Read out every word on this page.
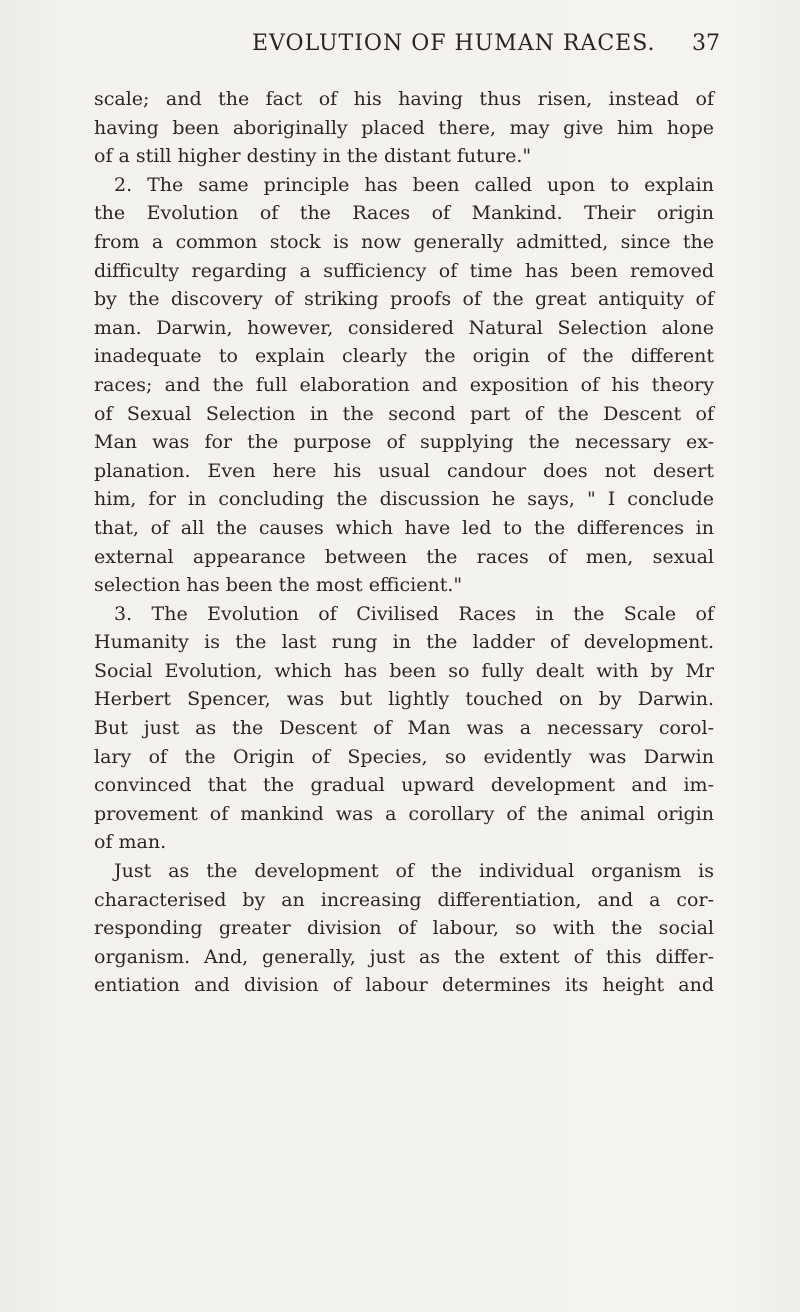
EVOLUTION OF HUMAN RACES. 37
scale; and the fact of his having thus risen, instead of
having been aboriginally placed there, may give him hope
of a still higher destiny in the distant future."
2. The same principle has been called upon to explain
the Evolution of the Races of Mankind. Their origin
from a common stock is now generally admitted, since the
difficulty regarding a sufficiency of time has been removed
by the discovery of striking proofs of the great antiquity of
man. Darwin, however, considered Natural Selection alone
inadequate to explain clearly the origin of the different
races; and the full elaboration and exposition of his theory
of Sexual Selection in the second part of the Descent of
Man was for the purpose of supplying the necessary ex-
planation. Even here his usual candour does not desert
him, for in concluding the discussion he says, " I conclude
that, of all the causes which have led to the differences in
external appearance between the races of men, sexual
selection has been the most efficient."
3. The Evolution of Civilised Races in the Scale of
Humanity is the last rung in the ladder of development.
Social Evolution, which has been so fully dealt with by Mr
Herbert Spencer, was but lightly touched on by Darwin.
But just as the Descent of Man was a necessary corol-
lary of the Origin of Species, so evidently was Darwin
convinced that the gradual upward development and im-
provement of mankind was a corollary of the animal origin
of man.
Just as the development of the individual organism is
characterised by an increasing differentiation, and a cor-
responding greater division of labour, so with the social
organism. And, generally, just as the extent of this differ-
entiation and division of labour determines its height and
